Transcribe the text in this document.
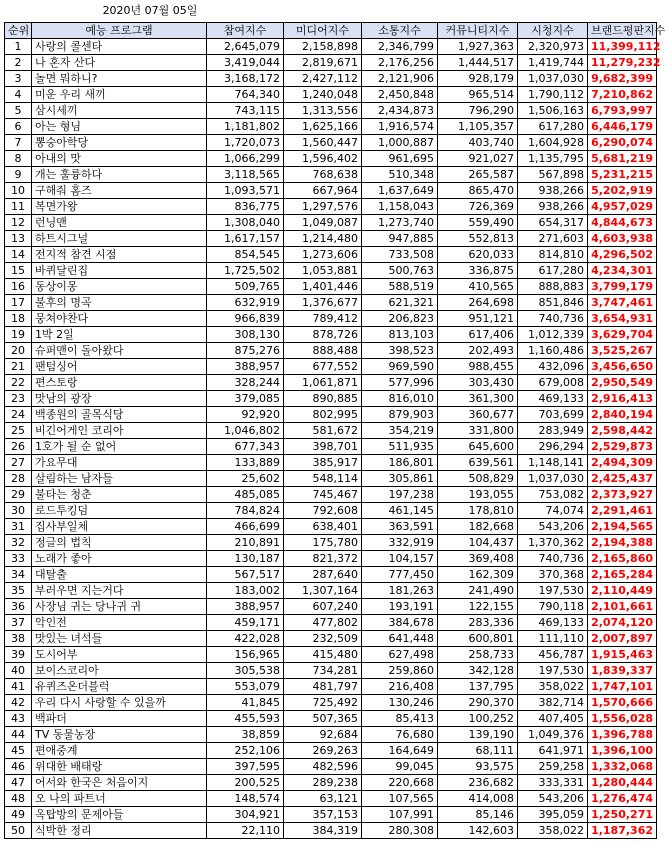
2020년 07월 05일
순위	예능 프로그램	참여지수	미디어지수	소통지수	커뮤니티지수	시청지수	브랜드평판지수
1	사랑의 콜센타	2,645,079	2,158,898	2,346,799	1,927,363	2,320,973	11,399,112
2	나 혼자 산다	3,419,044	2,819,671	2,176,256	1,444,517	1,419,744	11,279,232
3	놀면 뭐하니?	3,168,172	2,427,112	2,121,906	928,179	1,037,030	9,682,399
4	미운 우리 새끼	764,340	1,240,048	2,450,848	965,514	1,790,112	7,210,862
5	삼시세끼	743,115	1,313,556	2,434,873	796,290	1,506,163	6,793,997
6	아는 형님	1,181,802	1,625,166	1,916,574	1,105,357	617,280	6,446,179
7	뽕숭아학당	1,720,073	1,560,447	1,000,887	403,740	1,604,928	6,290,074
8	아내의 맛	1,066,299	1,596,402	961,695	921,027	1,135,795	5,681,219
9	개는 훌륭하다	3,118,565	768,638	510,348	265,587	567,898	5,231,215
10	구해줘 홈즈	1,093,571	667,964	1,637,649	865,470	938,266	5,202,919
11	복면가왕	836,775	1,297,576	1,158,043	726,369	938,266	4,957,029
12	런닝맨	1,308,040	1,049,087	1,273,740	559,490	654,317	4,844,673
13	하트시그널	1,617,157	1,214,480	947,885	552,813	271,603	4,603,938
14	전지적 참견 시점	854,545	1,273,606	733,508	620,033	814,810	4,296,502
15	바퀴달린집	1,725,502	1,053,881	500,763	336,875	617,280	4,234,301
16	동상이몽	509,765	1,401,446	588,519	410,565	888,883	3,799,179
17	불후의 명곡	632,919	1,376,677	621,321	264,698	851,846	3,747,461
18	뭉쳐야찬다	966,839	789,412	206,823	951,121	740,736	3,654,931
19	1박 2일	308,130	878,726	813,103	617,406	1,012,339	3,629,704
20	슈퍼맨이 돌아왔다	875,276	888,488	398,523	202,493	1,160,486	3,525,267
21	팬텀싱어	388,957	677,552	969,590	988,455	432,096	3,456,650
22	편스토랑	328,244	1,061,871	577,996	303,430	679,008	2,950,549
23	맛남의 광장	379,085	890,885	816,010	361,300	469,133	2,916,413
24	백종원의 골목식당	92,920	802,995	879,903	360,677	703,699	2,840,194
25	비긴어게인 코리아	1,046,802	581,672	354,219	331,800	283,949	2,598,442
26	1호가 될 순 없어	677,343	398,701	511,935	645,600	296,294	2,529,873
27	가요무대	133,889	385,917	186,801	639,561	1,148,141	2,494,309
28	살림하는 남자들	25,602	548,114	305,861	508,829	1,037,030	2,425,437
29	불타는 청춘	485,085	745,467	197,238	193,055	753,082	2,373,927
30	로드투킹덤	784,824	792,608	461,145	178,810	74,074	2,291,461
31	집사부일체	466,699	638,401	363,591	182,668	543,206	2,194,565
32	정글의 법칙	210,891	175,780	332,919	104,437	1,370,362	2,194,388
33	노래가 좋아	130,187	821,372	104,157	369,408	740,736	2,165,860
34	대탈출	567,517	287,640	777,450	162,309	370,368	2,165,284
35	부러우면 지는거다	183,002	1,307,164	181,263	241,490	197,530	2,110,449
36	사장님 귀는 당나귀 귀	388,957	607,240	193,191	122,155	790,118	2,101,661
37	악인전	459,171	477,802	384,678	283,336	469,133	2,074,120
38	맛있는 녀석들	422,028	232,509	641,448	600,801	111,110	2,007,897
39	도시어부	156,965	415,480	627,498	258,733	456,787	1,915,463
40	보이스코리아	305,538	734,281	259,860	342,128	197,530	1,839,337
41	유퀴즈온더블럭	553,079	481,797	216,408	137,795	358,022	1,747,101
42	우리 다시 사랑할 수 있을까	41,845	725,492	130,246	290,370	382,714	1,570,666
43	백파더	455,593	507,365	85,413	100,252	407,405	1,556,028
44	TV 동물농장	38,859	92,684	76,680	139,190	1,049,376	1,396,788
45	편애중계	252,106	269,263	164,649	68,111	641,971	1,396,100
46	위대한 배태랑	397,595	482,596	99,045	93,575	259,258	1,332,068
47	어서와 한국은 처음이지	200,525	289,238	220,668	236,682	333,331	1,280,444
48	오 나의 파트너	148,574	63,121	107,565	414,008	543,206	1,276,474
49	옥탑방의 문제아들	304,921	357,153	107,991	85,146	395,059	1,250,271
50	식박한 정리	22,110	384,319	280,308	142,603	358,022	1,187,362
